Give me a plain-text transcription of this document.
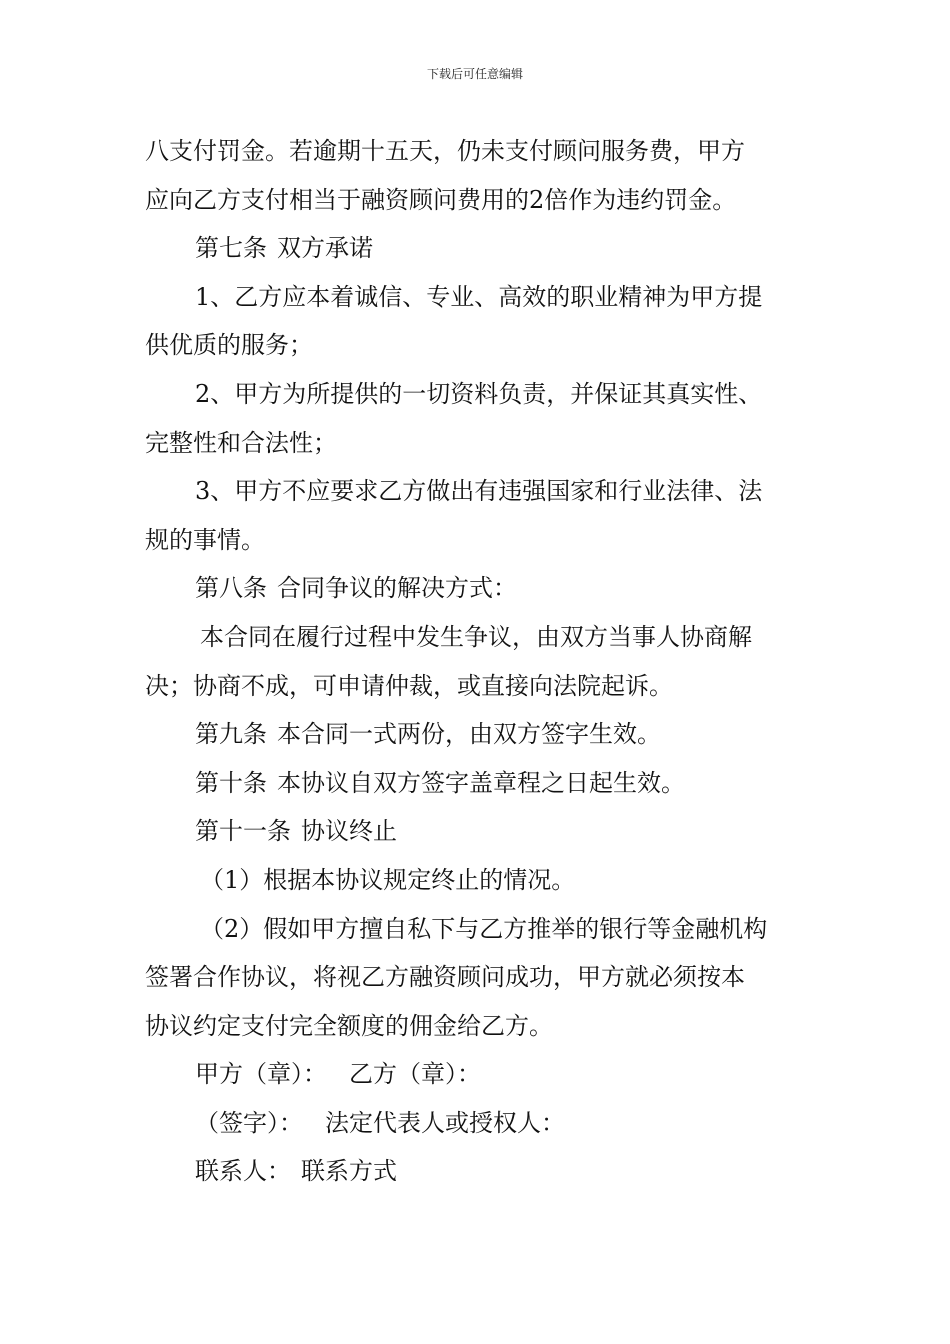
下载后可任意编辑
八支付罚金。若逾期十五天，仍未支付顾问服务费，甲方
应向乙方支付相当于融资顾问费用的2倍作为违约罚金。
第七条 双方承诺
1、乙方应本着诚信、专业、高效的职业精神为甲方提
供优质的服务；
2、甲方为所提供的一切资料负责，并保证其真实性、
完整性和合法性；
3、甲方不应要求乙方做出有违强国家和行业法律、法
规的事情。
第八条 合同争议的解决方式：
本合同在履行过程中发生争议，由双方当事人协商解
决；协商不成，可申请仲裁，或直接向法院起诉。
第九条 本合同一式两份，由双方签字生效。
第十条 本协议自双方签字盖章程之日起生效。
第十一条 协议终止
（1）根据本协议规定终止的情况。
（2）假如甲方擅自私下与乙方推举的银行等金融机构
签署合作协议，将视乙方融资顾问成功，甲方就必须按本
协议约定支付完全额度的佣金给乙方。
甲方（章）： 乙方（章）：
（签字）： 法定代表人或授权人：
联系人： 联系方式
